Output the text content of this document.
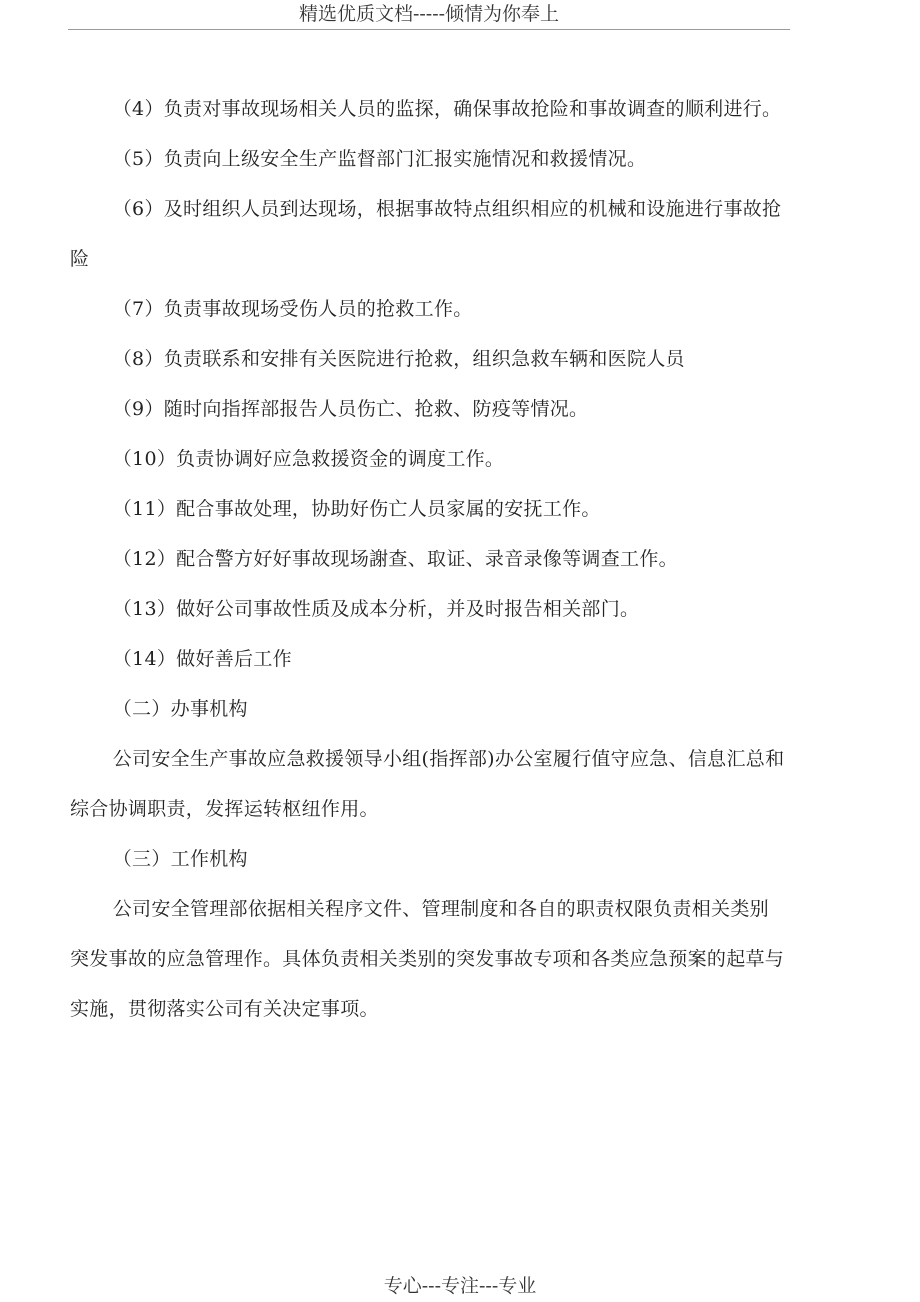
精选优质文档-----倾情为你奉上

（4）负责对事故现场相关人员的监探，确保事故抢险和事故调查的顺利进行。

（5）负责向上级安全生产监督部门汇报实施情况和救援情况。

（6）及时组织人员到达现场，根据事故特点组织相应的机械和设施进行事故抢险

（7）负责事故现场受伤人员的抢救工作。

（8）负责联系和安排有关医院进行抢救，组织急救车辆和医院人员

（9）随时向指挥部报告人员伤亡、抢救、防疫等情况。

（10）负责协调好应急救援资金的调度工作。

（11）配合事故处理，协助好伤亡人员家属的安抚工作。

（12）配合警方好好事故现场謝查、取证、录音录像等调查工作。

（13）做好公司事故性质及成本分析，并及时报告相关部门。

（14）做好善后工作

（二）办事机构

公司安全生产事故应急救援领导小组(指挥部)办公室履行值守应急、信息汇总和综合协调职责，发挥运转枢纽作用。

（三）工作机构

公司安全管理部依据相关程序文件、管理制度和各自的职责权限负责相关类别突发事故的应急管理作。具体负责相关类别的突发事故专项和各类应急预案的起草与实施，贯彻落实公司有关决定事项。

专心---专注---专业
